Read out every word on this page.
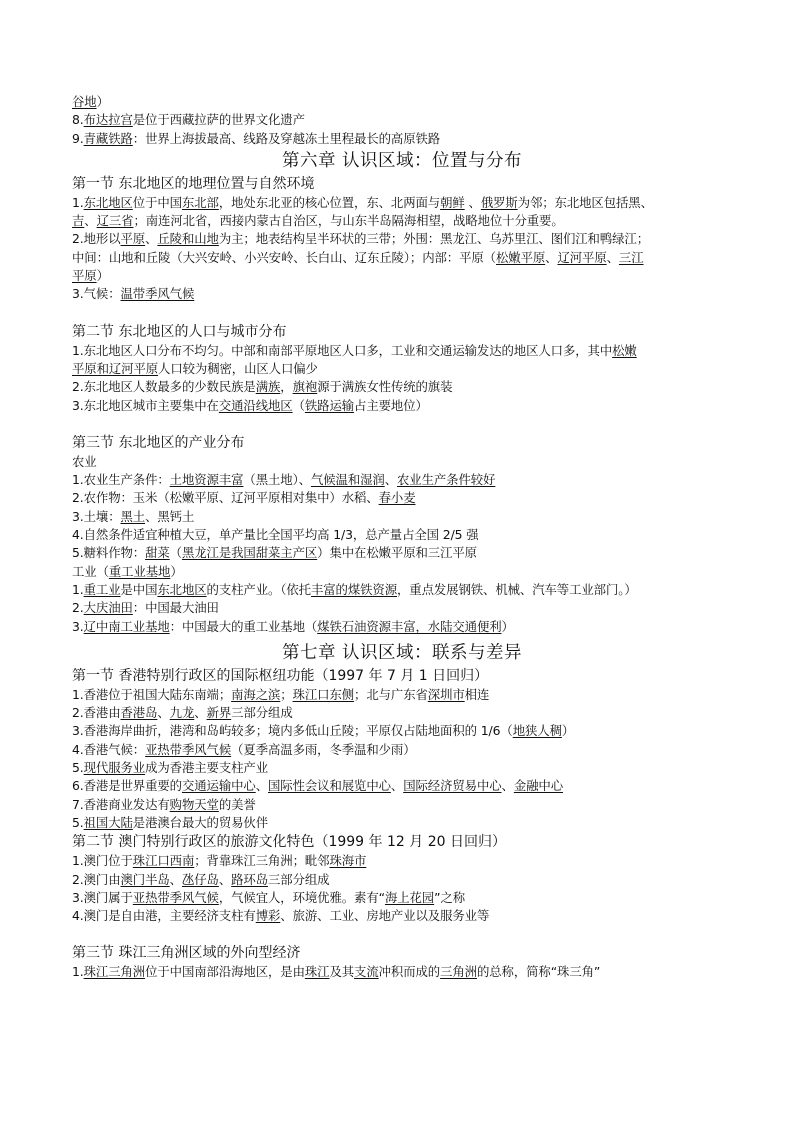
谷地）
8.布达拉宫是位于西藏拉萨的世界文化遗产
9.青藏铁路：世界上海拔最高、线路及穿越冻土里程最长的高原铁路
第六章 认识区域：位置与分布
第一节 东北地区的地理位置与自然环境
1.东北地区位于中国东北部，地处东北亚的核心位置，东、北两面与朝鲜 、俄罗斯为邻；东北地区包括黑、
吉、辽三省；南连河北省，西接内蒙古自治区，与山东半岛隔海相望，战略地位十分重要。
2.地形以平原、丘陵和山地为主；地表结构呈半环状的三带；外围：黑龙江、乌苏里江、图们江和鸭绿江；
中间：山地和丘陵（大兴安岭、小兴安岭、长白山、辽东丘陵）；内部：平原（松嫩平原、辽河平原、三江
平原）
3.气候：温带季风气候
第二节 东北地区的人口与城市分布
1.东北地区人口分布不均匀。中部和南部平原地区人口多，工业和交通运输发达的地区人口多，其中松嫩
平原和辽河平原人口较为稠密，山区人口偏少
2.东北地区人数最多的少数民族是满族，旗袍源于满族女性传统的旗装
3.东北地区城市主要集中在交通沿线地区（铁路运输占主要地位）
第三节 东北地区的产业分布
农业
1.农业生产条件：土地资源丰富（黑土地）、气候温和湿润、农业生产条件较好
2.农作物：玉米（松嫩平原、辽河平原相对集中）水稻、春小麦
3.土壤：黑土、黑钙土
4.自然条件适宜种植大豆，单产量比全国平均高 1/3，总产量占全国 2/5 强
5.糖料作物：甜菜（黑龙江是我国甜菜主产区）集中在松嫩平原和三江平原
工业（重工业基地）
1.重工业是中国东北地区的支柱产业。（依托丰富的煤铁资源，重点发展钢铁、机械、汽车等工业部门。）
2.大庆油田：中国最大油田
3.辽中南工业基地：中国最大的重工业基地（煤铁石油资源丰富，水陆交通便利）
第七章 认识区域：联系与差异
第一节 香港特别行政区的国际枢纽功能（1997 年 7 月 1 日回归）
1.香港位于祖国大陆东南端；南海之滨；珠江口东侧；北与广东省深圳市相连
2.香港由香港岛、九龙、新界三部分组成
3.香港海岸曲折，港湾和岛屿较多；境内多低山丘陵；平原仅占陆地面积的 1/6（地狭人稠）
4.香港气候：亚热带季风气候（夏季高温多雨，冬季温和少雨）
5.现代服务业成为香港主要支柱产业
6.香港是世界重要的交通运输中心、国际性会议和展览中心、国际经济贸易中心、金融中心
7.香港商业发达有购物天堂的美誉
5.祖国大陆是港澳台最大的贸易伙伴
第二节 澳门特别行政区的旅游文化特色（1999 年 12 月 20 日回归）
1.澳门位于珠江口西南；背靠珠江三角洲；毗邻珠海市
2.澳门由澳门半岛、氹仔岛、路环岛三部分组成
3.澳门属于亚热带季风气候，气候宜人，环境优雅。素有“海上花园”之称
4.澳门是自由港，主要经济支柱有博彩、旅游、工业、房地产业以及服务业等
第三节 珠江三角洲区域的外向型经济
1.珠江三角洲位于中国南部沿海地区，是由珠江及其支流冲积而成的三角洲的总称，简称“珠三角”
